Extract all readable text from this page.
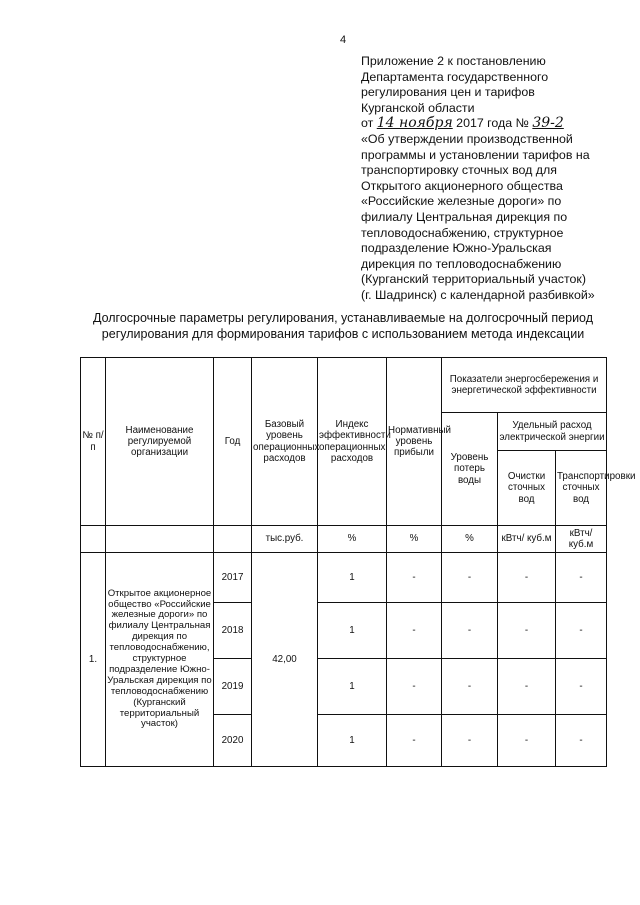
4
Приложение 2 к постановлению
Департамента государственного
регулирования цен и тарифов
Курганской области
от 14 ноября 2017 года № 39-2
«Об утверждении производственной
программы и установлении тарифов на
транспортировку сточных вод для
Открытого акционерного общества
«Российские железные дороги» по
филиалу Центральная дирекция по
тепловодоснабжению, структурное
подразделение Южно-Уральская
дирекция по тепловодоснабжению
(Курганский территориальный участок)
(г. Шадринск) с календарной разбивкой»
Долгосрочные параметры регулирования, устанавливаемые на долгосрочный период
регулирования для формирования тарифов с использованием метода индексации
№ п/п	Наименование регулируемой организации	Год	Базовый уровень операционных расходов	Индекс эффективности операционных расходов	Нормативный уровень прибыли	Показатели энергосбережения и энергетической эффективности		
						Уровень потерь воды	Удельный расход электрической энергии	
							Очистки сточных вод	Транспортировки сточных вод
			тыс.руб.	%	%	%	кВтч/ куб.м	кВтч/ куб.м
1.	Открытое акционерное общество «Российские железные дороги» по филиалу Центральная дирекция по тепловодоснабжению, структурное подразделение Южно-Уральская дирекция по тепловодоснабжению (Курганский территориальный участок)	2017	42,00	1	-	-	-	-
		2018		1	-	-	-	-
		2019		1	-	-	-	-
		2020		1	-	-	-	-
